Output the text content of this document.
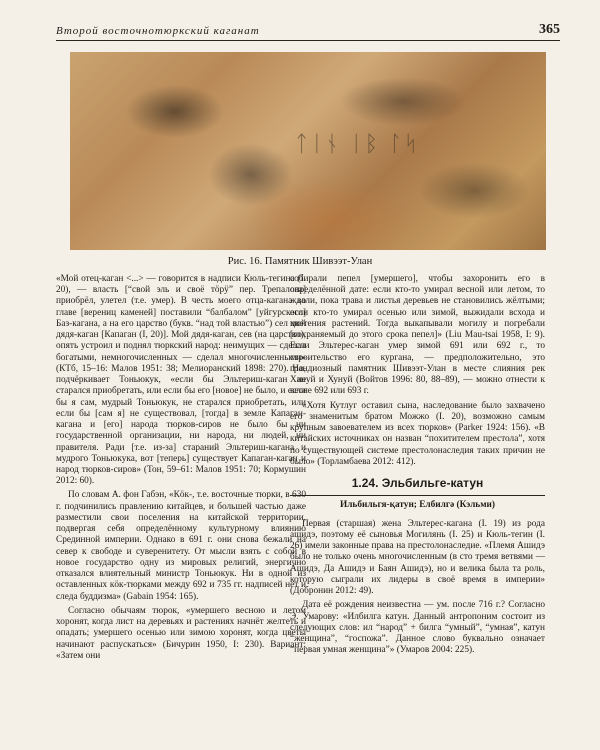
Второй восточнотюркский каганат	365
ᛏᛁᚾ ᛁᛒ ᛚᛋ
Рис. 16. Памятник Шивээт-Улан

«Мой отец-каган <...> — говорится в надписи Кюль-тегина (I. 20), — власть [“свой эль и своё тӧрӱ” пер. Трепалова] приобрёл, улетел (т.е. умер). В честь моего отца-кагана во главе [верениц каменей] поставили “балбалом” [уйгурского] Баз-кагана, а на его царство (букв. “над той властью”) сел мой дядя-каган [Капаган (I, 20)]. Мой дядя-каган, сев (на царство), опять устроил и поднял тюркский народ: неимущих — сделал богатыми, немногочисленных — сделал многочисленными» (КТб, 15–16: Малов 1951: 38; Мелиоранский 1898: 270). Но, подчёркивает Тоньюкук, «если бы Эльтериш-каган не старался приобретать, или если бы его [новое] не было, и если бы я сам, мудрый Тоньюкук, не старался приобретать, или если бы [сам я] не существовал, [тогда] в земле Капаган-кагана и [его] народа тюрков-сиров не было бы ни государственной организации, ни народа, ни людей, ни правителя. Ради [т.е. из-за] стараний Эльтериш-кагана и мудрого Тоньюкука, вот [теперь] существует Капаган-каган и народ тюрков-сиров» (Тон, 59–61: Малов 1951: 70; Кормушин 2012: 60).

По словам А. фон Габэн, «Кӧк-, т.е. восточные тюрки, в 630 г. подчинились правлению китайцев, и большей частью даже разместили свои поселения на китайской территории, подвергая себя определённому культурному влиянию Срединной империи. Однако в 691 г. они снова бежали на север к свободе и суверенитету. От мысли взять с собой в новое государство одну из мировых религий, энергично отказался влиятельный министр Тоньюкук. Ни в одной из оставленных кӧк-тюрками между 692 и 735 гг. надписей нет и следа буддизма» (Gabain 1954: 165).

Согласно обычаям тюрок, «умершего весною и летом хоронят, когда лист на деревьях и растениях начнёт желтеть и опадать; умершего осенью или зимою хоронят, когда цветы начинают распускаться» (Бичурин 1950, I: 230). Вариант: «Затем они

собирали пепел [умершего], чтобы захоронить его в определённой дате: если кто-то умирал весной или летом, то ждали, пока трава и листья деревьев не становились жёлтыми; если кто-то умирал осенью или зимой, выжидали всхода и цветения растений. Тогда выкапывали могилу и погребали [сохраняемый до этого срока пепел]» (Liu Mau-tsai 1958, I: 9). Если Эльтерес-каган умер зимой 691 или 692 г., то строительство его кургана, — предположительно, это грандиозный памятник Шивээт-Улан в месте слияния рек Хануй и Хунуй (Войтов 1996: 80, 88–89), — можно отнести к весне 692 или 693 г.

«Хотя Кутлуг оставил сына, наследование было захвачено его знаменитым братом Можжо (I. 20), возможно самым крупным завоевателем из всех тюрков» (Parker 1924: 156). «В китайских источниках он назван “похитителем престола”, хотя по существующей системе престолонаследия таких причин не было» (Торламбаева 2012: 412).

1.24. Эльбильге-катун
Ильбильгя-қатун; Елбилгә (Кэльми)

Первая (старшая) жена Эльтерес-кагана (I. 19) из рода ашидэ, поэтому её сыновья Могилянь (I. 25) и Кюль-тегин (I. 26) имели законные права на престолонаследие. «Племя Ашидэ было не только очень многочисленным (в сто тремя ветвями — Ашидэ, Да Ашидэ и Баян Ашидэ), но и велика была та роль, которую сыграли их лидеры в своё время в империи» (Добронин 2012: 49).

Дата её рождения неизвестна — ум. после 716 г.? Согласно Э. Умарову: «Илбилга катун. Данный антропоним состоит из следующих слов: ил “народ” + билга “умный”, “умная”, катун “женщина”, “госпожа”. Данное слово буквально означает “первая умная женщина”» (Умаров 2004: 225).
